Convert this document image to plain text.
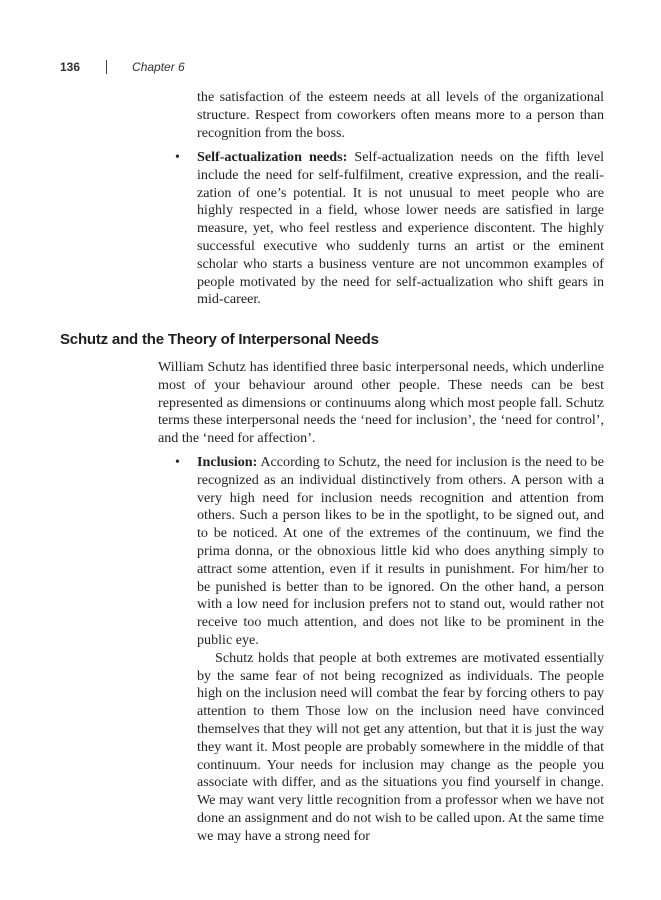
136	Chapter 6

the satisfaction of the esteem needs at all levels of the organizational structure. Respect from coworkers often means more to a person than recognition from the boss.

•	Self-actualization needs: Self-actualization needs on the fifth level include the need for self-fulfilment, creative expression, and the realization of one’s potential. It is not unusual to meet people who are highly respected in a field, whose lower needs are satisfied in large measure, yet, who feel restless and experience discontent. The highly successful executive who suddenly turns an artist or the eminent scholar who starts a business venture are not uncommon examples of people motivated by the need for self-actualization who shift gears in mid-career.

Schutz and the Theory of Interpersonal Needs

William Schutz has identified three basic interpersonal needs, which underline most of your behaviour around other people. These needs can be best represented as dimensions or continuums along which most people fall. Schutz terms these interpersonal needs the ‘need for inclusion’, the ‘need for control’, and the ‘need for affection’.

•	Inclusion: According to Schutz, the need for inclusion is the need to be recognized as an individual distinctively from others. A person with a very high need for inclusion needs recognition and attention from others. Such a person likes to be in the spotlight, to be signed out, and to be noticed. At one of the extremes of the continuum, we find the prima donna, or the obnoxious little kid who does anything simply to attract some attention, even if it results in punishment. For him/her to be punished is better than to be ignored. On the other hand, a person with a low need for inclusion prefers not to stand out, would rather not receive too much attention, and does not like to be prominent in the public eye.

Schutz holds that people at both extremes are motivated essentially by the same fear of not being recognized as individuals. The people high on the inclusion need will combat the fear by forcing others to pay attention to them Those low on the inclusion need have convinced themselves that they will not get any attention, but that it is just the way they want it. Most people are probably somewhere in the middle of that continuum. Your needs for inclusion may change as the people you associate with differ, and as the situations you find yourself in change. We may want very little recognition from a professor when we have not done an assignment and do not wish to be called upon. At the same time we may have a strong need for
